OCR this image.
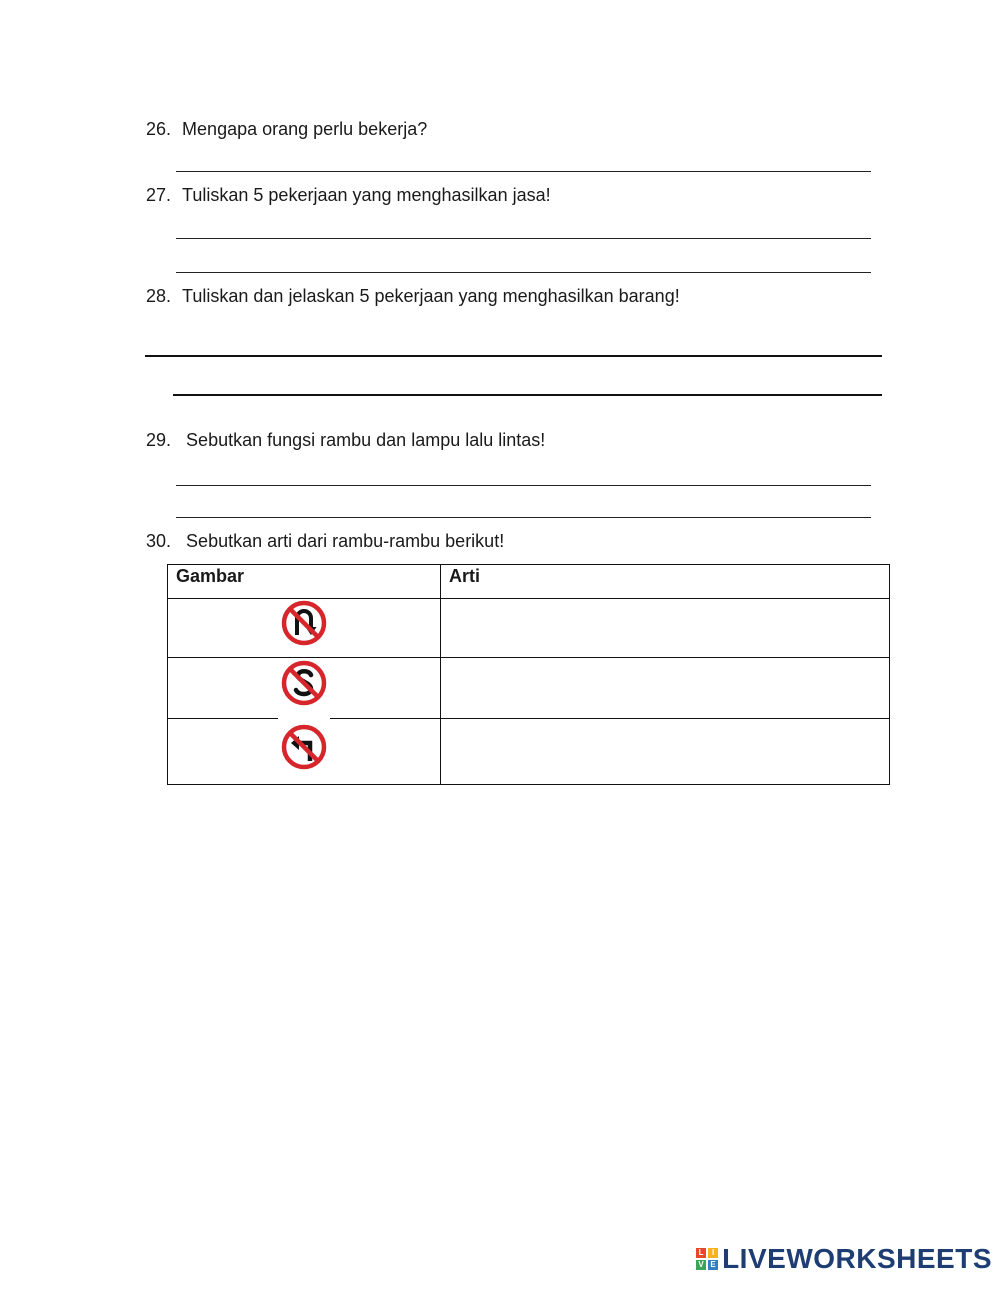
26. Mengapa orang perlu bekerja?
27. Tuliskan 5 pekerjaan yang menghasilkan jasa!
28. Tuliskan dan jelaskan 5 pekerjaan yang menghasilkan barang!
29. Sebutkan fungsi rambu dan lampu lalu lintas!
30. Sebutkan arti dari rambu-rambu berikut!
Gambar	Arti
L	I
V E LIVEWORKSHEETS
